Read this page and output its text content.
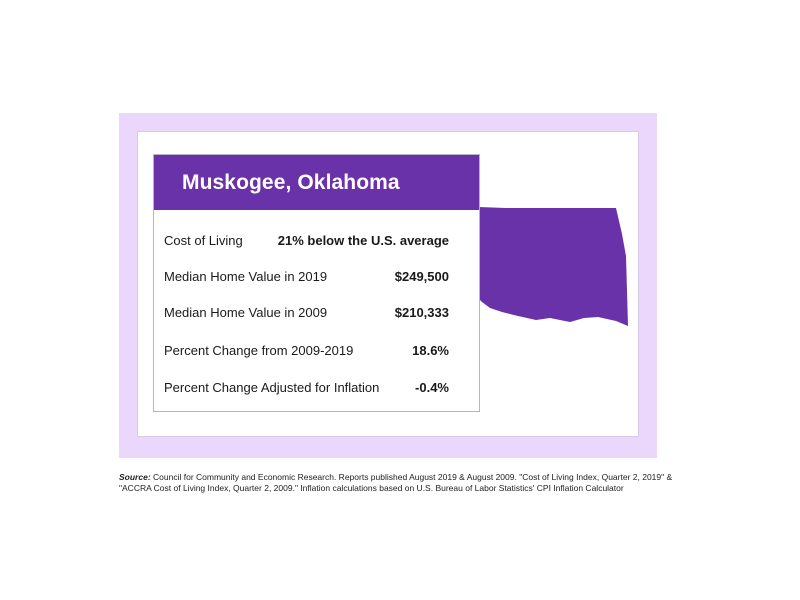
Muskogee, Oklahoma
Cost of Living	21% below the U.S. average
Median Home Value in 2019	$249,500
Median Home Value in 2009	$210,333
Percent Change from 2009-2019	18.6%
Percent Change Adjusted for Inflation	-0.4%
Source: Council for Community and Economic Research. Reports published August 2019 & August 2009. "Cost of Living Index, Quarter 2, 2019" & "ACCRA Cost of Living Index, Quarter 2, 2009." Inflation calculations based on U.S. Bureau of Labor Statistics' CPI Inflation Calculator
